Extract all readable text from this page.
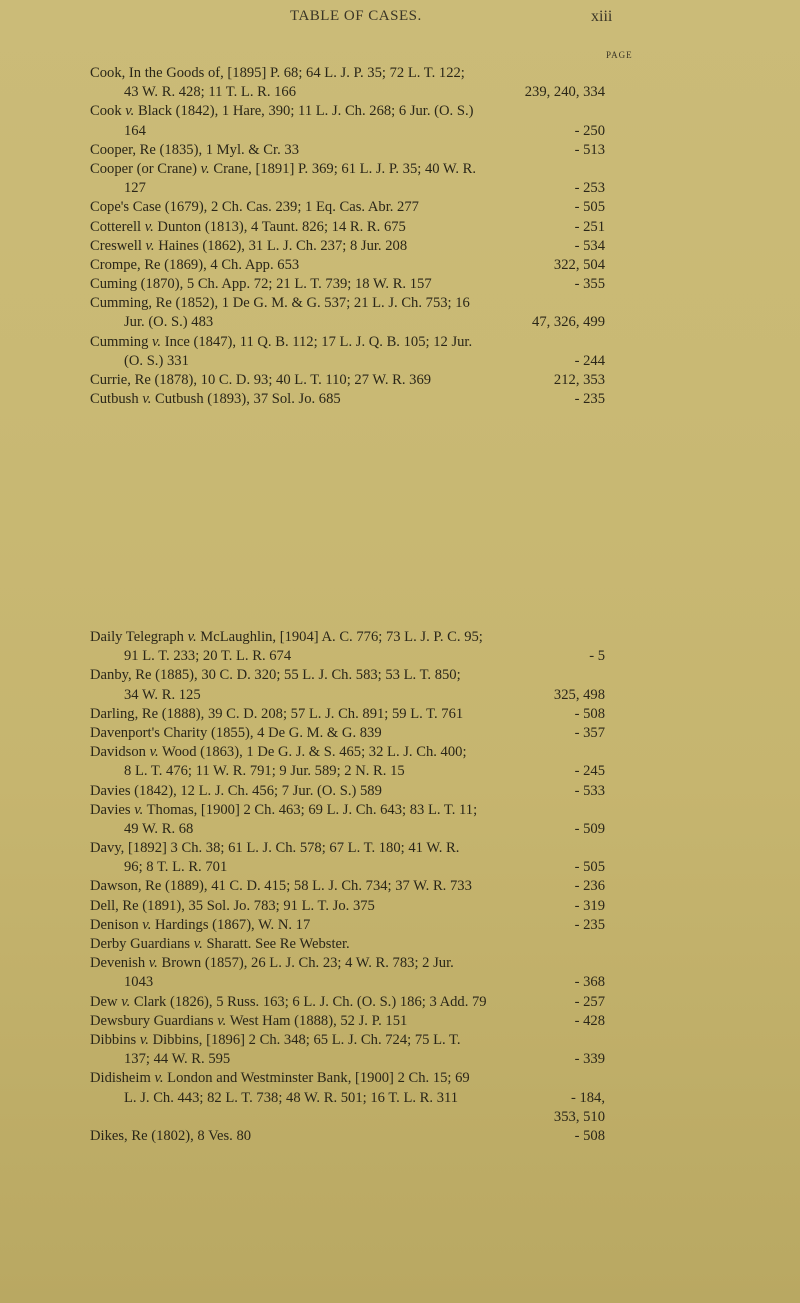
TABLE OF CASES.	xiii
PAGE
Cook, In the Goods of, [1895] P. 68; 64 L. J. P. 35; 72 L. T. 122;
43 W. R. 428; 11 T. L. R. 166	239, 240, 334
Cook v. Black (1842), 1 Hare, 390; 11 L. J. Ch. 268; 6 Jur. (O. S.)
164	- 250
Cooper, Re (1835), 1 Myl. & Cr. 33	- 513
Cooper (or Crane) v. Crane, [1891] P. 369; 61 L. J. P. 35; 40 W. R.
127	- 253
Cope's Case (1679), 2 Ch. Cas. 239; 1 Eq. Cas. Abr. 277	- 505
Cotterell v. Dunton (1813), 4 Taunt. 826; 14 R. R. 675	- 251
Creswell v. Haines (1862), 31 L. J. Ch. 237; 8 Jur. 208	- 534
Crompe, Re (1869), 4 Ch. App. 653	322, 504
Cuming (1870), 5 Ch. App. 72; 21 L. T. 739; 18 W. R. 157	- 355
Cumming, Re (1852), 1 De G. M. & G. 537; 21 L. J. Ch. 753; 16
Jur. (O. S.) 483	47, 326, 499
Cumming v. Ince (1847), 11 Q. B. 112; 17 L. J. Q. B. 105; 12 Jur.
(O. S.) 331	- 244
Currie, Re (1878), 10 C. D. 93; 40 L. T. 110; 27 W. R. 369	212, 353
Cutbush v. Cutbush (1893), 37 Sol. Jo. 685	- 235
Daily Telegraph v. McLaughlin, [1904] A. C. 776; 73 L. J. P. C. 95;
91 L. T. 233; 20 T. L. R. 674	- 5
Danby, Re (1885), 30 C. D. 320; 55 L. J. Ch. 583; 53 L. T. 850;
34 W. R. 125	325, 498
Darling, Re (1888), 39 C. D. 208; 57 L. J. Ch. 891; 59 L. T. 761	- 508
Davenport's Charity (1855), 4 De G. M. & G. 839	- 357
Davidson v. Wood (1863), 1 De G. J. & S. 465; 32 L. J. Ch. 400;
8 L. T. 476; 11 W. R. 791; 9 Jur. 589; 2 N. R. 15	- 245
Davies (1842), 12 L. J. Ch. 456; 7 Jur. (O. S.) 589	- 533
Davies v. Thomas, [1900] 2 Ch. 463; 69 L. J. Ch. 643; 83 L. T. 11;
49 W. R. 68	- 509
Davy, [1892] 3 Ch. 38; 61 L. J. Ch. 578; 67 L. T. 180; 41 W. R.
96; 8 T. L. R. 701	- 505
Dawson, Re (1889), 41 C. D. 415; 58 L. J. Ch. 734; 37 W. R. 733	- 236
Dell, Re (1891), 35 Sol. Jo. 783; 91 L. T. Jo. 375	- 319
Denison v. Hardings (1867), W. N. 17	- 235
Derby Guardians v. Sharatt. See Re Webster.
Devenish v. Brown (1857), 26 L. J. Ch. 23; 4 W. R. 783; 2 Jur.
1043	- 368
Dew v. Clark (1826), 5 Russ. 163; 6 L. J. Ch. (O. S.) 186; 3 Add. 79	- 257
Dewsbury Guardians v. West Ham (1888), 52 J. P. 151	- 428
Dibbins v. Dibbins, [1896] 2 Ch. 348; 65 L. J. Ch. 724; 75 L. T.
137; 44 W. R. 595	- 339
Didisheim v. London and Westminster Bank, [1900] 2 Ch. 15; 69
L. J. Ch. 443; 82 L. T. 738; 48 W. R. 501; 16 T. L. R. 311	- 184,
353, 510
Dikes, Re (1802), 8 Ves. 80	- 508
